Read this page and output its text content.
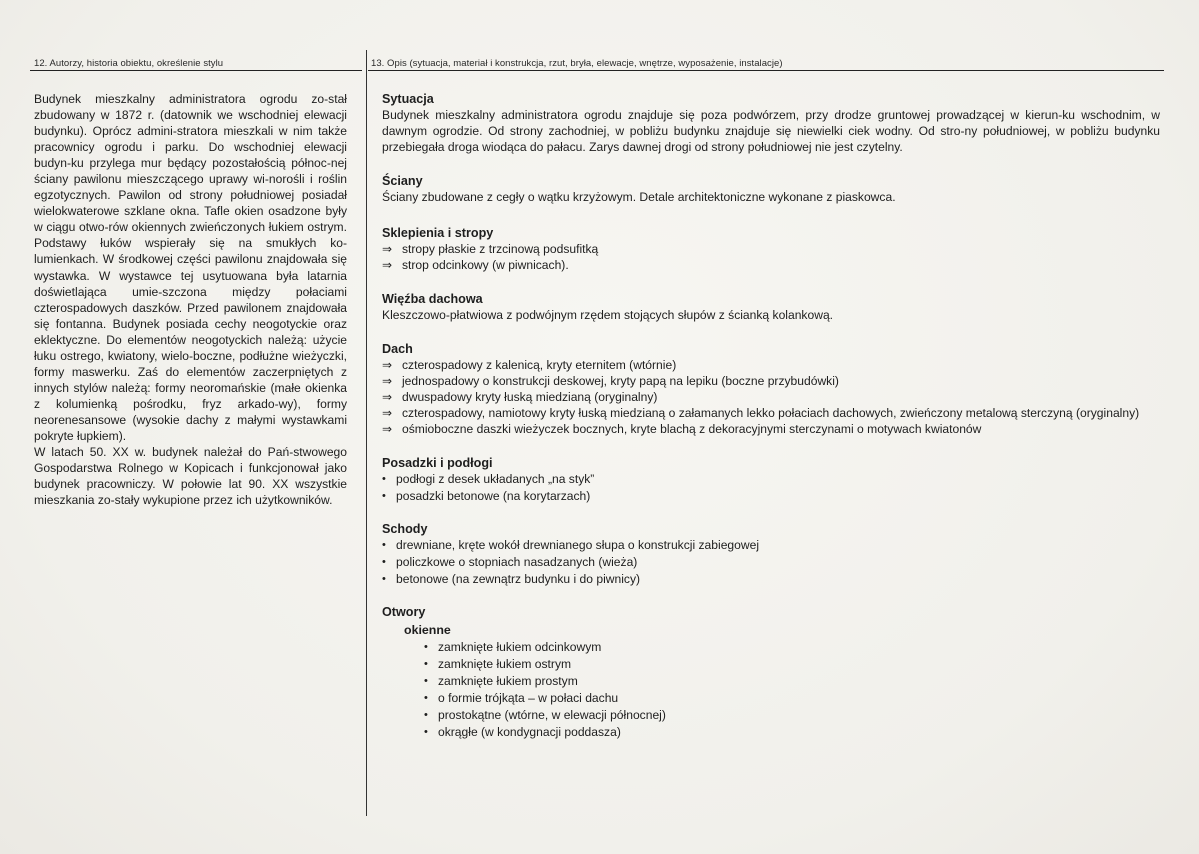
12. Autorzy, historia obiektu, określenie stylu	13. Opis (sytuacja, materiał i konstrukcja, rzut, bryła, elewacje, wnętrze, wyposażenie, instalacje)

Budynek mieszkalny administratora ogrodu zo-stał zbudowany w 1872 r. (datownik we wschodniej elewacji budynku). Oprócz admini-stratora mieszkali w nim także pracownicy ogrodu i parku. Do wschodniej elewacji budyn-ku przylega mur będący pozostałością północ-nej ściany pawilonu mieszczącego uprawy wi-norośli i roślin egzotycznych. Pawilon od strony południowej posiadał wielokwaterowe szklane okna. Tafle okien osadzone były w ciągu otwo-rów okiennych zwieńczonych łukiem ostrym. Podstawy łuków wspierały się na smukłych ko-lumienkach. W środkowej części pawilonu znajdowała się wystawka. W wystawce tej usytuowana była latarnia doświetlająca umie-szczona między połaciami czterospadowych daszków. Przed pawilonem znajdowała się fontanna. Budynek posiada cechy neogotyckie oraz eklektyczne. Do elementów neogotyckich należą: użycie łuku ostrego, kwiatony, wielo-boczne, podłużne wieżyczki, formy maswerku. Zaś do elementów zaczerpniętych z innych stylów należą: formy neoromańskie (małe okienka z kolumienką pośrodku, fryz arkado-wy), formy neorenesansowe (wysokie dachy z małymi wystawkami pokryte łupkiem).

W latach 50. XX w. budynek należał do Pań-stwowego Gospodarstwa Rolnego w Kopicach i funkcjonował jako budynek pracowniczy. W połowie lat 90. XX wszystkie mieszkania zo-stały wykupione przez ich użytkowników.

Sytuacja

Budynek mieszkalny administratora ogrodu znajduje się poza podwórzem, przy drodze gruntowej prowadzącej w kierun-ku wschodnim, w dawnym ogrodzie. Od strony zachodniej, w pobliżu budynku znajduje się niewielki ciek wodny. Od stro-ny południowej, w pobliżu budynku przebiegała droga wiodąca do pałacu. Zarys dawnej drogi od strony południowej nie jest czytelny.

Ściany

Ściany zbudowane z cegły o wątku krzyżowym. Detale architektoniczne wykonane z piaskowca.

Sklepienia i stropy

⇒ stropy płaskie z trzcinową podsufitką
⇒ strop odcinkowy (w piwnicach).

Więźba dachowa

Kleszczowo-płatwiowa z podwójnym rzędem stojących słupów z ścianką kolankową.

Dach

⇒ czterospadowy z kalenicą, kryty eternitem (wtórnie)
⇒ jednospadowy o konstrukcji deskowej, kryty papą na lepiku (boczne przybudówki)
⇒ dwuspadowy kryty łuską miedzianą (oryginalny)
⇒ czterospadowy, namiotowy kryty łuską miedzianą o załamanych lekko połaciach dachowych, zwieńczony metalową sterczyną (oryginalny)
⇒ ośmioboczne daszki wieżyczek bocznych, kryte blachą z dekoracyjnymi sterczynami o motywach kwiatonów

Posadzki i podłogi

• podłogi z desek układanych „na styk”
• posadzki betonowe (na korytarzach)

Schody

• drewniane, kręte wokół drewnianego słupa o konstrukcji zabiegowej
• policzkowe o stopniach nasadzanych (wieża)
• betonowe (na zewnątrz budynku i do piwnicy)

Otwory

okienne

• zamknięte łukiem odcinkowym
• zamknięte łukiem ostrym
• zamknięte łukiem prostym
• o formie trójkąta – w połaci dachu
• prostokątne (wtórne, w elewacji północnej)
• okrągłe (w kondygnacji poddasza)
